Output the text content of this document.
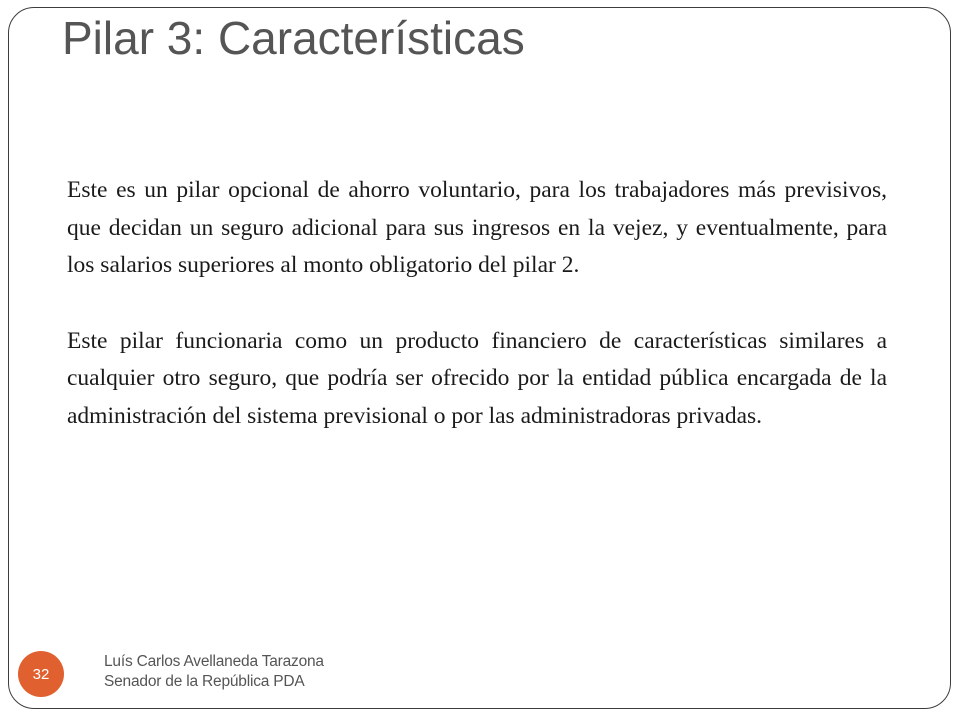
Pilar 3: Características

Este es un pilar opcional de ahorro voluntario, para los trabajadores más previsivos, que decidan un seguro adicional para sus ingresos en la vejez, y eventualmente, para los salarios superiores al monto obligatorio del pilar 2.

Este pilar funcionaria como un producto financiero de características similares a cualquier otro seguro, que podría ser ofrecido por la entidad pública encargada de la administración del sistema previsional o por las administradoras privadas.

32
Luís Carlos Avellaneda Tarazona
Senador de la República PDA
